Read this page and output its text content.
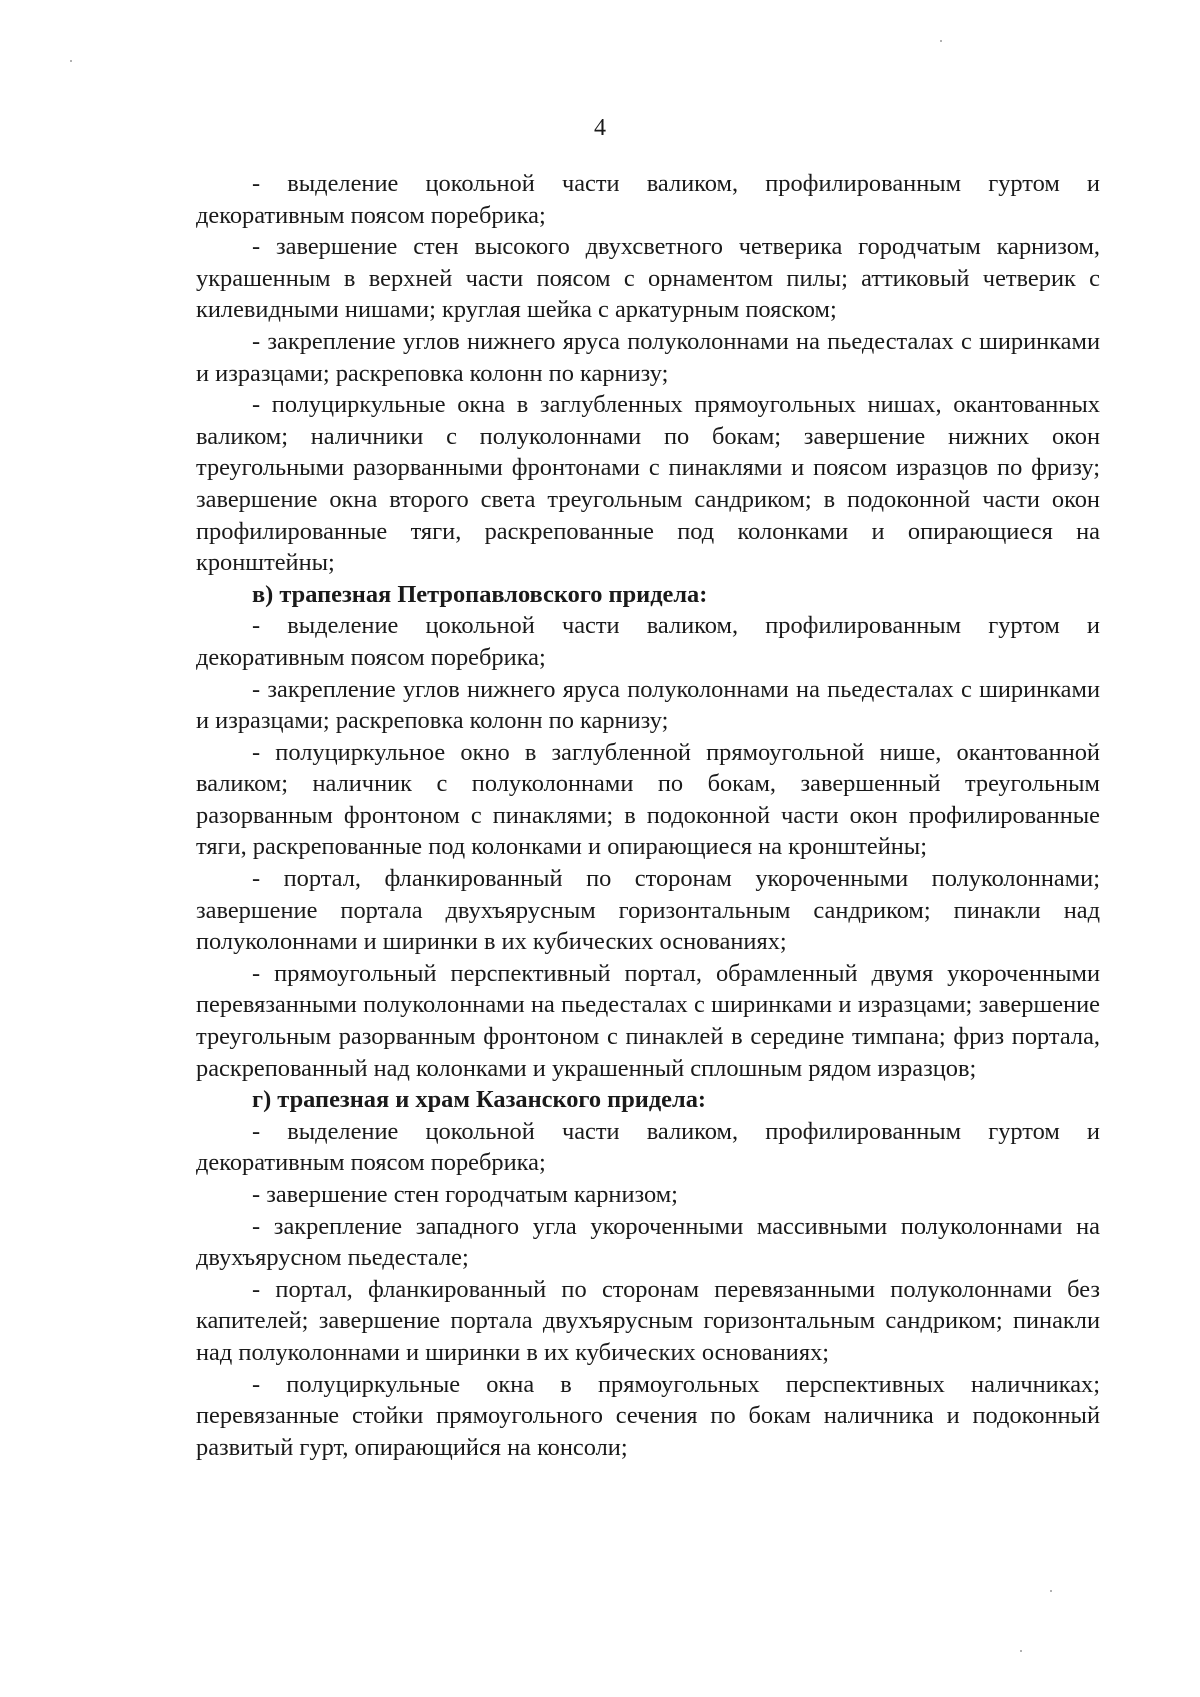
4

- выделение цокольной части валиком, профилированным гуртом и декоративным поясом поребрика;

- завершение стен высокого двухсветного четверика городчатым карнизом, украшенным в верхней части поясом с орнаментом пилы; аттиковый четверик с килевидными нишами; круглая шейка с аркатурным пояском;

- закрепление углов нижнего яруса полуколоннами на пьедесталах с ширинками и изразцами; раскреповка колонн по карнизу;

- полуциркульные окна в заглубленных прямоугольных нишах, окантованных валиком; наличники с полуколоннами по бокам; завершение нижних окон треугольными разорванными фронтонами с пинаклями и поясом изразцов по фризу; завершение окна второго света треугольным сандриком; в подоконной части окон профилированные тяги, раскрепованные под колонками и опирающиеся на кронштейны;

в) трапезная Петропавловского придела:

- выделение цокольной части валиком, профилированным гуртом и декоративным поясом поребрика;

- закрепление углов нижнего яруса полуколоннами на пьедесталах с ширинками и изразцами; раскреповка колонн по карнизу;

- полуциркульное окно в заглубленной прямоугольной нише, окантованной валиком; наличник с полуколоннами по бокам, завершенный треугольным разорванным фронтоном с пинаклями; в подоконной части окон профилированные тяги, раскрепованные под колонками и опирающиеся на кронштейны;

- портал, фланкированный по сторонам укороченными полуколоннами; завершение портала двухъярусным горизонтальным сандриком; пинакли над полуколоннами и ширинки в их кубических основаниях;

- прямоугольный перспективный портал, обрамленный двумя укороченными перевязанными полуколоннами на пьедесталах с ширинками и изразцами; завершение треугольным разорванным фронтоном с пинаклей в середине тимпана; фриз портала, раскрепованный над колонками и украшенный сплошным рядом изразцов;

г) трапезная и храм Казанского придела:

- выделение цокольной части валиком, профилированным гуртом и декоративным поясом поребрика;

- завершение стен городчатым карнизом;

- закрепление западного угла укороченными массивными полуколоннами на двухъярусном пьедестале;

- портал, фланкированный по сторонам перевязанными полуколоннами без капителей; завершение портала двухъярусным горизонтальным сандриком; пинакли над полуколоннами и ширинки в их кубических основаниях;

- полуциркульные окна в прямоугольных перспективных наличниках; перевязанные стойки прямоугольного сечения по бокам наличника и подоконный развитый гурт, опирающийся на консоли;
